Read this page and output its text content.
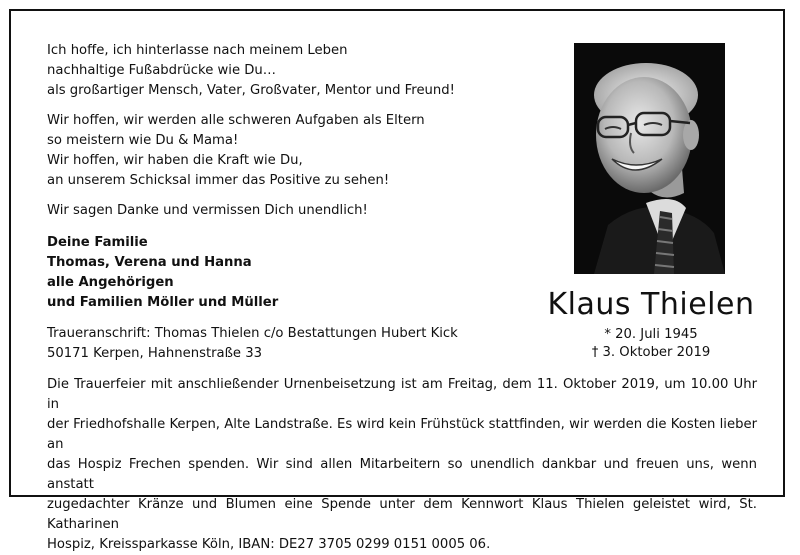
Ich hoffe, ich hinterlasse nach meinem Leben
nachhaltige Fußabdrücke wie Du…
als großartiger Mensch, Vater, Großvater, Mentor und Freund!
Wir hoffen, wir werden alle schweren Aufgaben als Eltern
so meistern wie Du & Mama!
Wir hoffen, wir haben die Kraft wie Du,
an unserem Schicksal immer das Positive zu sehen!
Wir sagen Danke und vermissen Dich unendlich!
Deine Familie
Thomas, Verena und Hanna
alle Angehörigen
und Familien Möller und Müller
Traueranschrift: Thomas Thielen c/o Bestattungen Hubert Kick
50171 Kerpen, Hahnenstraße 33
Klaus Thielen
* 20. Juli 1945
† 3. Oktober 2019
Die Trauerfeier mit anschließender Urnenbeisetzung ist am Freitag, dem 11. Oktober 2019, um 10.00 Uhr in
der Friedhofshalle Kerpen, Alte Landstraße. Es wird kein Frühstück stattfinden, wir werden die Kosten lieber an
das Hospiz Frechen spenden. Wir sind allen Mitarbeitern so unendlich dankbar und freuen uns, wenn anstatt
zugedachter Kränze und Blumen eine Spende unter dem Kennwort Klaus Thielen geleistet wird, St. Katharinen
Hospiz, Kreissparkasse Köln, IBAN: DE27 3705 0299 0151 0005 06.
